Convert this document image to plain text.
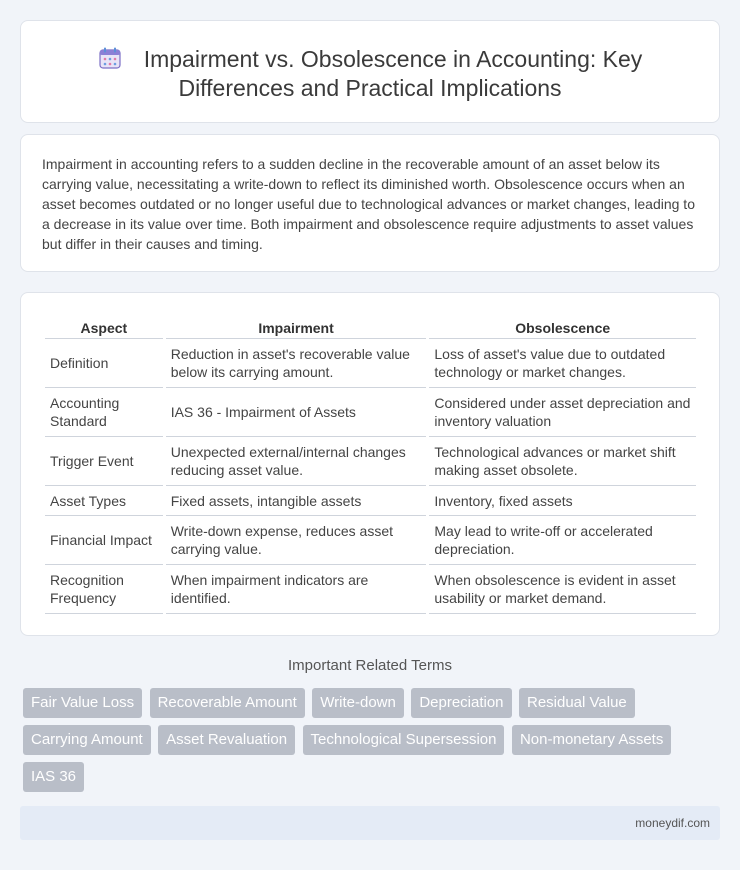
Impairment vs. Obsolescence in Accounting: Key
Differences and Practical Implications

Impairment in accounting refers to a sudden decline in the recoverable amount of an asset below its carrying value, necessitating a write-down to reflect its diminished worth. Obsolescence occurs when an asset becomes outdated or no longer useful due to technological advances or market changes, leading to a decrease in its value over time. Both impairment and obsolescence require adjustments to asset values but differ in their causes and timing.

Aspect	Impairment	Obsolescence
Definition	Reduction in asset's recoverable value below its carrying amount.	Loss of asset's value due to outdated technology or market changes.
Accounting Standard	IAS 36 - Impairment of Assets	Considered under asset depreciation and inventory valuation
Trigger Event	Unexpected external/internal changes reducing asset value.	Technological advances or market shift making asset obsolete.
Asset Types	Fixed assets, intangible assets	Inventory, fixed assets
Financial Impact	Write-down expense, reduces asset carrying value.	May lead to write-off or accelerated depreciation.
Recognition Frequency	When impairment indicators are identified.	When obsolescence is evident in asset usability or market demand.
Important Related Terms
Fair Value Loss Recoverable Amount Write-down Depreciation Residual Value Carrying Amount Asset Revaluation Technological Supersession Non-monetary Assets IAS 36
moneydif.com
